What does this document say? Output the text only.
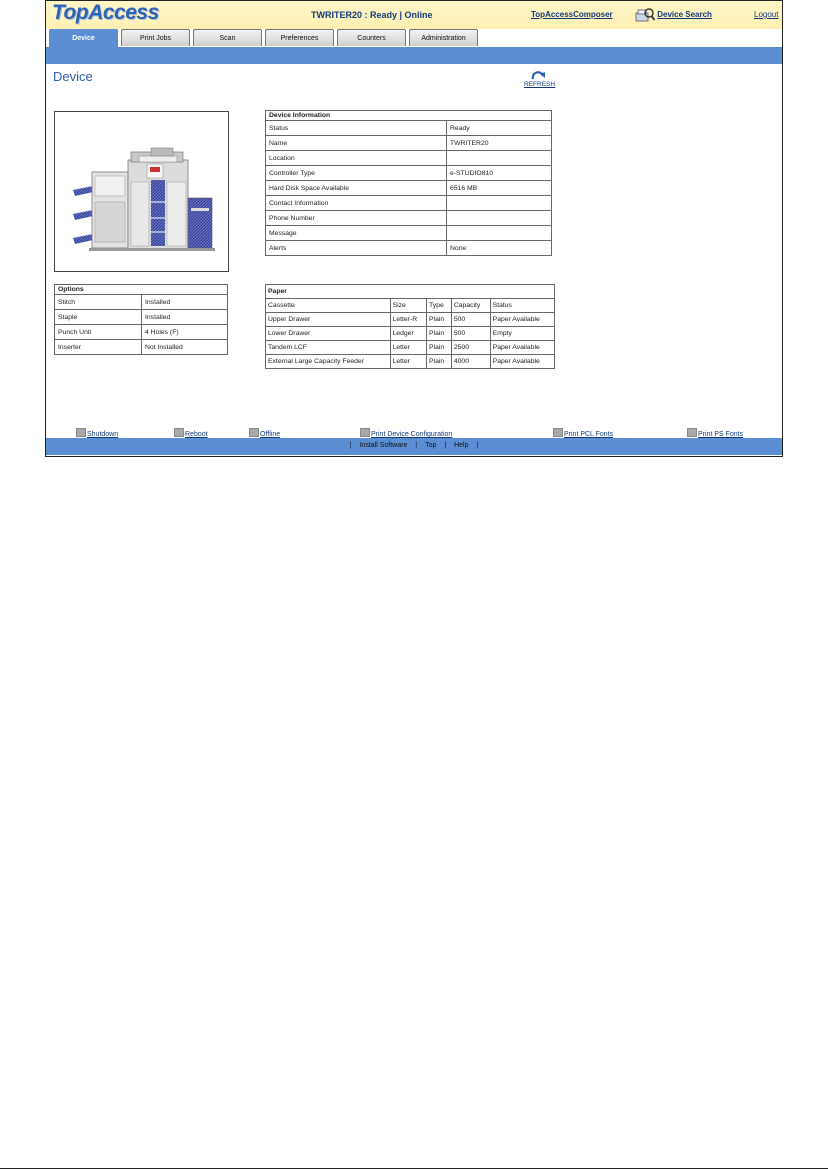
TopAccess	TWRITER20 : Ready | Online	TopAccessComposer	Device Search	Logout
Device	Print Jobs	Scan	Preferences	Counters	Administration
Device
REFRESH
Device Information	
Status	Ready
Name	TWRITER20
Location	
Controller Type	e-STUDIO810
Hard Disk Space Available	6516 MB
Contact Information	
Phone Number	
Message	
Alerts	None
Options	
Stitch	Installed
Staple	Installed
Punch Unit	4 Holes (F)
Inserter	Not Installed
Paper				
Cassette	Size	Type	Capacity	Status
Upper Drawer	Letter-R	Plain	500	Paper Available
Lower Drawer	Ledger	Plain	500	Empty
Tandem LCF	Letter	Plain	2500	Paper Available
External Large Capacity Feeder	Letter	Plain	4000	Paper Available
Shutdown	Reboot	Offline	Print Device Configuration	Print PCL Fonts	Print PS Fonts
| Install Software | Top | Help |
